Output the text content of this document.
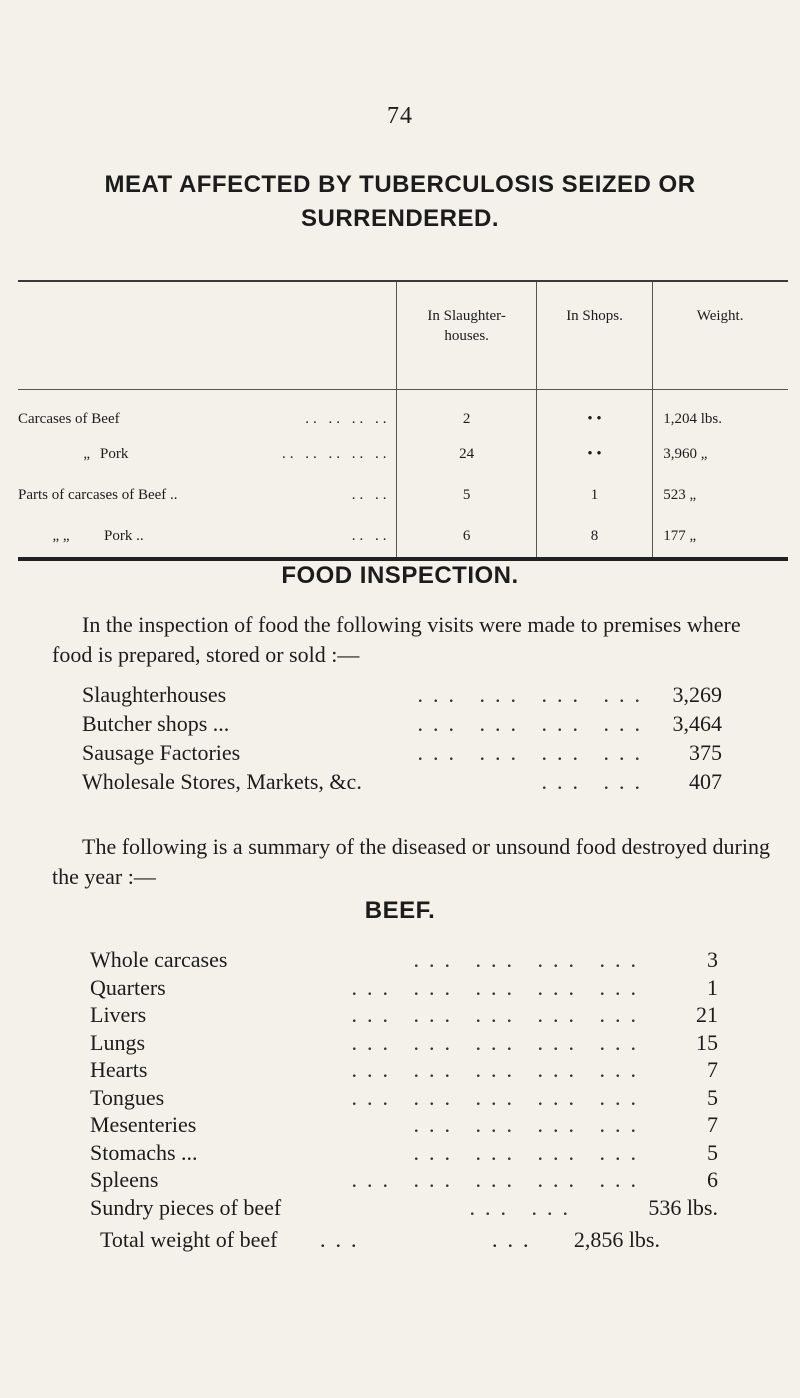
74
MEAT AFFECTED BY TUBERCULOSIS SEIZED OR
SURRENDERED.
	In Slaughter-
houses.	In Shops.	Weight.

Carcases of Beef .. .. .. ..	2	• •	1,204 lbs.

„ Pork .. .. .. .. ..	24	• •	3,960 „

Parts of carcases of Beef .. .. ..	5	1	523 „

„ „ Pork .. .. ..	6	8	177 „
FOOD INSPECTION.

In the inspection of food the following visits were made to premises where food is prepared, stored or sold :—

Slaughterhouses	... ... ... ... 3,269
Butcher shops ...	... ... ... ... 3,464
Sausage Factories	... ... ... ... 375
Wholesale Stores, Markets, &c.	... ... 407

The following is a summary of the diseased or unsound food destroyed during the year :—

BEEF.
Whole carcases	... ... ... ...	3
Quarters	... ... ... ... ...	1
Livers	... ... ... ... ... 21
Lungs	... ... ... ... ... 15
Hearts	... ... ... ... ...	7
Tongues	... ... ... ... ...	5
Mesenteries	... ... ... ...	7
Stomachs ...	... ... ... ...	5
Spleens	... ... ... ... ...	6
Sundry pieces of beef	... ...	536 lbs.
Total weight of beef ...	... 2,856 lbs.
